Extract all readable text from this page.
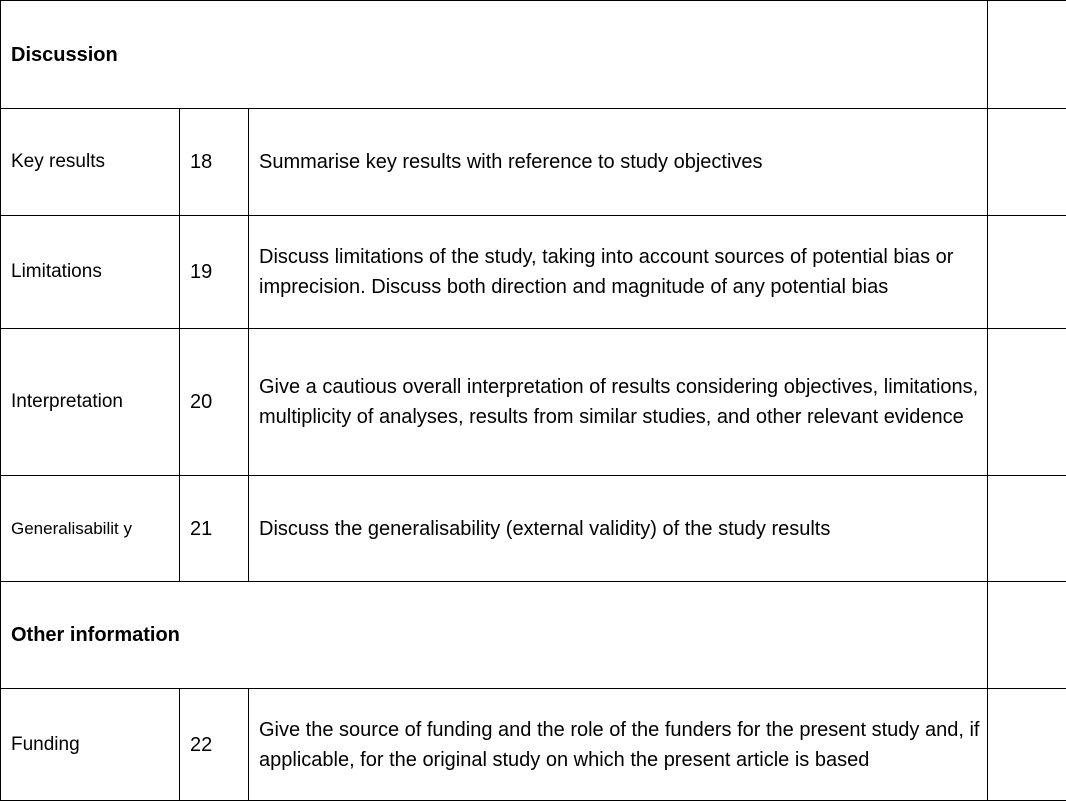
Discussion			
Key results	18	Summarise key results with reference to study objectives	
Limitations	19	Discuss limitations of the study, taking into account sources of potential bias or imprecision. Discuss both direction and magnitude of any potential bias	
Interpretation	20	Give a cautious overall interpretation of results considering objectives, limitations, multiplicity of analyses, results from similar studies, and other relevant evidence	
Generalisabilit y	21	Discuss the generalisability (external validity) of the study results	
Other information			
Funding	22	Give the source of funding and the role of the funders for the present study and, if applicable, for the original study on which the present article is based	
